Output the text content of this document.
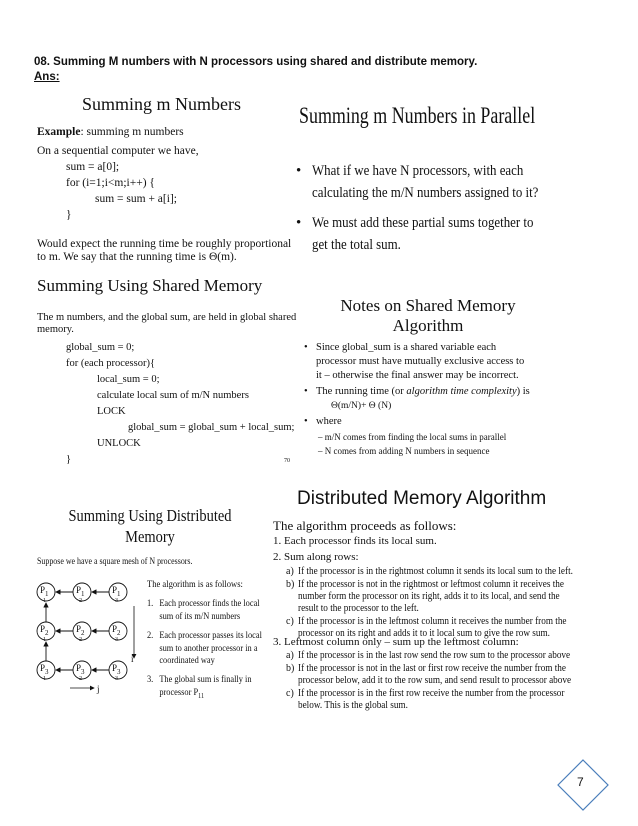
08. Summing M numbers with N processors using shared and distribute memory.
Ans:
Summing m Numbers
Example: summing m numbers
On a sequential computer we have,
sum = a[0];
for (i=1;i<m;i++) {
sum = sum + a[i];
}
Would expect the running time be roughly proportional
to m. We say that the running time is Θ(m).
Summing m Numbers in Parallel
• What if we have N processors, with each
calculating the m/N numbers assigned to it?
• We must add these partial sums together to
get the total sum.
Summing Using Shared Memory
The m numbers, and the global sum, are held in global shared
memory.
global_sum = 0;
for (each processor){
local_sum = 0;
calculate local sum of m/N numbers
LOCK
global_sum = global_sum + local_sum;
UNLOCK
}	70
Notes on Shared Memory
Algorithm
• Since global_sum is a shared variable each
processor must have mutually exclusive access to
it – otherwise the final answer may be incorrect.
• The running time (or algorithm time complexity) is
Θ(m/N)+ Θ (N)
• where
– m/N comes from finding the local sums in parallel
– N comes from adding N numbers in sequence
Summing Using Distributed
Memory
Suppose we have a square mesh of N processors.
$P_1$
1
$P_1$
2
$P_1$
3
$P_2$
1
$P_2$
2
$P_2$
3
$P_3$
1
$P_3$
2
$P_3$
3
i
j
The algorithm is as follows:
1. Each processor finds the local
sum of its m/N numbers
2. Each processor passes its local
sum to another processor in a
coordinated way
3. The global sum is finally in
processor $P_{11}$
Distributed Memory Algorithm
The algorithm proceeds as follows:
1. Each processor finds its local sum.
2. Sum along rows:
a) If the processor is in the rightmost column it sends its local sum to the left.
b) If the processor is not in the rightmost or leftmost column it receives the
number form the processor on its right, adds it to its local, and send the
result to the processor to the left.
c) If the processor is in the leftmost column it receives the number from the
processor on its right and adds it to it local sum to give the row sum.
3. Leftmost column only – sum up the leftmost column:
a) If the processor is in the last row send the row sum to the processor above
b) If the processor is not in the last or first row receive the number from the
processor below, add it to the row sum, and send result to processor above
c) If the processor is in the first row receive the number from the processor
below. This is the global sum.
7
